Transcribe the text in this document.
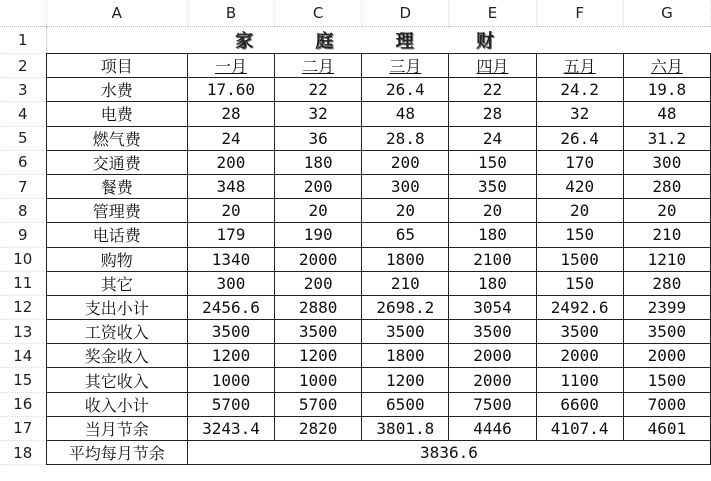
	A	B	C	D	E	F	G
1	家 庭 理 财						
2	项目	一月	二月	三月	四月	五月	六月
3	水费	17.60	22	26.4	22	24.2	19.8
4	电费	28	32	48	28	32	48
5	燃气费	24	36	28.8	24	26.4	31.2
6	交通费	200	180	200	150	170	300
7	餐费	348	200	300	350	420	280
8	管理费	20	20	20	20	20	20
9	电话费	179	190	65	180	150	210
10	购物	1340	2000	1800	2100	1500	1210
11	其它	300	200	210	180	150	280
12	支出小计	2456.6	2880	2698.2	3054	2492.6	2399
13	工资收入	3500	3500	3500	3500	3500	3500
14	奖金收入	1200	1200	1800	2000	2000	2000
15	其它收入	1000	1000	1200	2000	1100	1500
16	收入小计	5700	5700	6500	7500	6600	7000
17	当月节余	3243.4	2820	3801.8	4446	4107.4	4601
18	平均每月节余	3836.6					
